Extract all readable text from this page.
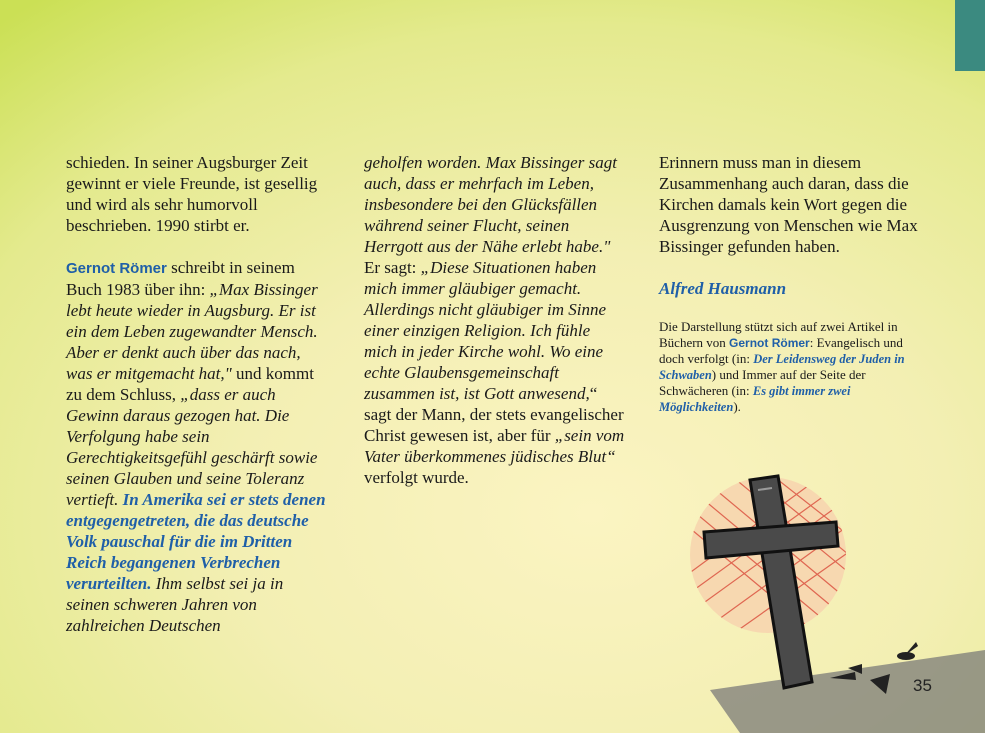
schieden. In seiner Augsburger Zeit gewinnt er viele Freunde, ist gesellig und wird als sehr humorvoll beschrieben. 1990 stirbt er.

Gernot Römer schreibt in seinem Buch 1983 über ihn: „Max Bissinger lebt heute wieder in Augsburg. Er ist ein dem Leben zugewandter Mensch. Aber er denkt auch über das nach, was er mitgemacht hat," und kommt zu dem Schluss, „dass er auch Gewinn daraus gezogen hat. Die Verfolgung habe sein Gerechtigkeitsgefühl geschärft sowie seinen Glauben und seine Toleranz vertieft. In Amerika sei er stets denen entgegengetreten, die das deutsche Volk pauschal für die im Dritten Reich begangenen Verbrechen verurteilten. Ihm selbst sei ja in seinen schweren Jahren von zahlreichen Deutschen

geholfen worden. Max Bissinger sagt auch, dass er mehrfach im Leben, insbesondere bei den Glücksfällen während seiner Flucht, seinen Herrgott aus der Nähe erlebt habe." Er sagt: „Diese Situationen haben mich immer gläubiger gemacht. Allerdings nicht gläubiger im Sinne einer einzigen Religion. Ich fühle mich in jeder Kirche wohl. Wo eine echte Glaubensgemeinschaft zusammen ist, ist Gott anwesend,“ sagt der Mann, der stets evangelischer Christ gewesen ist, aber für „sein vom Vater überkommenes jüdisches Blut“ verfolgt wurde.

Erinnern muss man in diesem Zusammenhang auch daran, dass die Kirchen damals kein Wort gegen die Ausgrenzung von Menschen wie Max Bissinger gefunden haben.

Alfred Hausmann

Die Darstellung stützt sich auf zwei Artikel in Büchern von Gernot Römer: Evangelisch und doch verfolgt (in: Der Leidensweg der Juden in Schwaben) und Immer auf der Seite der Schwächeren (in: Es gibt immer zwei Möglichkeiten).

35
